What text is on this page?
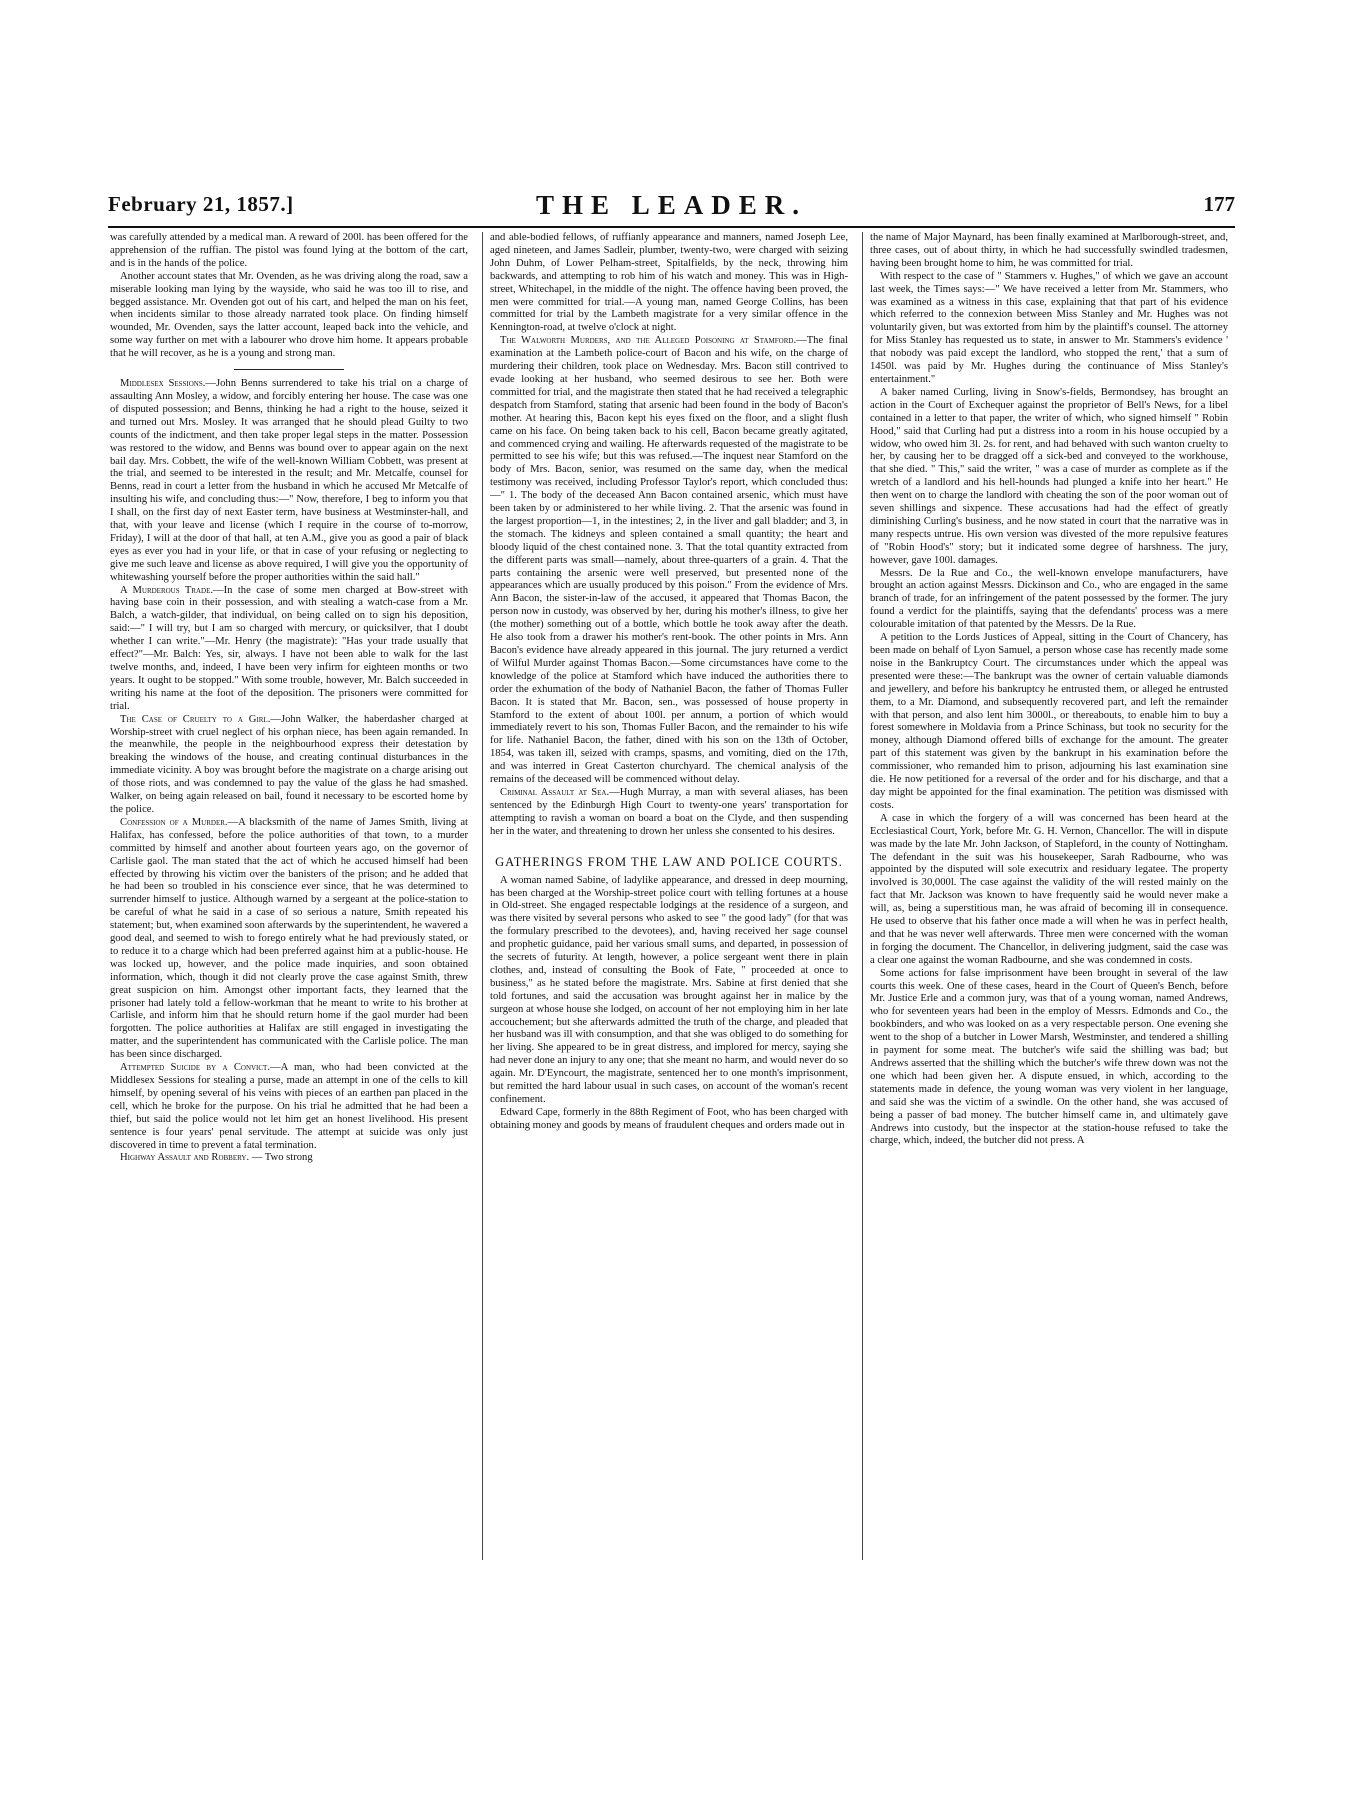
February 21, 1857.]	THE LEADER.	177

was carefully attended by a medical man. A reward of 200l. has been offered for the apprehension of the ruffian. The pistol was found lying at the bottom of the cart, and is in the hands of the police.

Another account states that Mr. Ovenden, as he was driving along the road, saw a miserable looking man lying by the wayside, who said he was too ill to rise, and begged assistance. Mr. Ovenden got out of his cart, and helped the man on his feet, when incidents similar to those already narrated took place. On finding himself wounded, Mr. Ovenden, says the latter account, leaped back into the vehicle, and some way further on met with a labourer who drove him home. It appears probable that he will recover, as he is a young and strong man.

Middlesex Sessions.—John Benns surrendered to take his trial on a charge of assaulting Ann Mosley, a widow, and forcibly entering her house. The case was one of disputed possession; and Benns, thinking he had a right to the house, seized it and turned out Mrs. Mosley. It was arranged that he should plead Guilty to two counts of the indictment, and then take proper legal steps in the matter. Possession was restored to the widow, and Benns was bound over to appear again on the next bail day. Mrs. Cobbett, the wife of the well-known William Cobbett, was present at the trial, and seemed to be interested in the result; and Mr. Metcalfe, counsel for Benns, read in court a letter from the husband in which he accused Mr Metcalfe of insulting his wife, and concluding thus:—" Now, therefore, I beg to inform you that I shall, on the first day of next Easter term, have business at Westminster-hall, and that, with your leave and license (which I require in the course of to-morrow, Friday), I will at the door of that hall, at ten A.M., give you as good a pair of black eyes as ever you had in your life, or that in case of your refusing or neglecting to give me such leave and license as above required, I will give you the opportunity of whitewashing yourself before the proper authorities within the said hall."

A Murderous Trade.—In the case of some men charged at Bow-street with having base coin in their possession, and with stealing a watch-case from a Mr. Balch, a watch-gilder, that individual, on being called on to sign his deposition, said:—" I will try, but I am so charged with mercury, or quicksilver, that I doubt whether I can write."—Mr. Henry (the magistrate): "Has your trade usually that effect?"—Mr. Balch: Yes, sir, always. I have not been able to walk for the last twelve months, and, indeed, I have been very infirm for eighteen months or two years. It ought to be stopped." With some trouble, however, Mr. Balch succeeded in writing his name at the foot of the deposition. The prisoners were committed for trial.

The Case of Cruelty to a Girl.—John Walker, the haberdasher charged at Worship-street with cruel neglect of his orphan niece, has been again remanded. In the meanwhile, the people in the neighbourhood express their detestation by breaking the windows of the house, and creating continual disturbances in the immediate vicinity. A boy was brought before the magistrate on a charge arising out of those riots, and was condemned to pay the value of the glass he had smashed. Walker, on being again released on bail, found it necessary to be escorted home by the police.

Confession of a Murder.—A blacksmith of the name of James Smith, living at Halifax, has confessed, before the police authorities of that town, to a murder committed by himself and another about fourteen years ago, on the governor of Carlisle gaol. The man stated that the act of which he accused himself had been effected by throwing his victim over the banisters of the prison; and he added that he had been so troubled in his conscience ever since, that he was determined to surrender himself to justice. Although warned by a sergeant at the police-station to be careful of what he said in a case of so serious a nature, Smith repeated his statement; but, when examined soon afterwards by the superintendent, he wavered a good deal, and seemed to wish to forego entirely what he had previously stated, or to reduce it to a charge which had been preferred against him at a public-house. He was locked up, however, and the police made inquiries, and soon obtained information, which, though it did not clearly prove the case against Smith, threw great suspicion on him. Amongst other important facts, they learned that the prisoner had lately told a fellow-workman that he meant to write to his brother at Carlisle, and inform him that he should return home if the gaol murder had been forgotten. The police authorities at Halifax are still engaged in investigating the matter, and the superintendent has communicated with the Carlisle police. The man has been since discharged.

Attempted Suicide by a Convict.—A man, who had been convicted at the Middlesex Sessions for stealing a purse, made an attempt in one of the cells to kill himself, by opening several of his veins with pieces of an earthen pan placed in the cell, which he broke for the purpose. On his trial he admitted that he had been a thief, but said the police would not let him get an honest livelihood. His present sentence is four years' penal servitude. The attempt at suicide was only just discovered in time to prevent a fatal termination.

Highway Assault and Robbery. — Two strong

and able-bodied fellows, of ruffianly appearance and manners, named Joseph Lee, aged nineteen, and James Sadleir, plumber, twenty-two, were charged with seizing John Duhm, of Lower Pelham-street, Spitalfields, by the neck, throwing him backwards, and attempting to rob him of his watch and money. This was in High-street, Whitechapel, in the middle of the night. The offence having been proved, the men were committed for trial.—A young man, named George Collins, has been committed for trial by the Lambeth magistrate for a very similar offence in the Kennington-road, at twelve o'clock at night.

The Walworth Murders, and the Alleged Poisoning at Stamford.—The final examination at the Lambeth police-court of Bacon and his wife, on the charge of murdering their children, took place on Wednesday. Mrs. Bacon still contrived to evade looking at her husband, who seemed desirous to see her. Both were committed for trial, and the magistrate then stated that he had received a telegraphic despatch from Stamford, stating that arsenic had been found in the body of Bacon's mother. At hearing this, Bacon kept his eyes fixed on the floor, and a slight flush came on his face. On being taken back to his cell, Bacon became greatly agitated, and commenced crying and wailing. He afterwards requested of the magistrate to be permitted to see his wife; but this was refused.—The inquest near Stamford on the body of Mrs. Bacon, senior, was resumed on the same day, when the medical testimony was received, including Professor Taylor's report, which concluded thus:—" 1. The body of the deceased Ann Bacon contained arsenic, which must have been taken by or administered to her while living. 2. That the arsenic was found in the largest proportion—1, in the intestines; 2, in the liver and gall bladder; and 3, in the stomach. The kidneys and spleen contained a small quantity; the heart and bloody liquid of the chest contained none. 3. That the total quantity extracted from the different parts was small—namely, about three-quarters of a grain. 4. That the parts containing the arsenic were well preserved, but presented none of the appearances which are usually produced by this poison." From the evidence of Mrs. Ann Bacon, the sister-in-law of the accused, it appeared that Thomas Bacon, the person now in custody, was observed by her, during his mother's illness, to give her (the mother) something out of a bottle, which bottle he took away after the death. He also took from a drawer his mother's rent-book. The other points in Mrs. Ann Bacon's evidence have already appeared in this journal. The jury returned a verdict of Wilful Murder against Thomas Bacon.—Some circumstances have come to the knowledge of the police at Stamford which have induced the authorities there to order the exhumation of the body of Nathaniel Bacon, the father of Thomas Fuller Bacon. It is stated that Mr. Bacon, sen., was possessed of house property in Stamford to the extent of about 100l. per annum, a portion of which would immediately revert to his son, Thomas Fuller Bacon, and the remainder to his wife for life. Nathaniel Bacon, the father, dined with his son on the 13th of October, 1854, was taken ill, seized with cramps, spasms, and vomiting, died on the 17th, and was interred in Great Casterton churchyard. The chemical analysis of the remains of the deceased will be commenced without delay.

Criminal Assault at Sea.—Hugh Murray, a man with several aliases, has been sentenced by the Edinburgh High Court to twenty-one years' transportation for attempting to ravish a woman on board a boat on the Clyde, and then suspending her in the water, and threatening to drown her unless she consented to his desires.

GATHERINGS FROM THE LAW AND POLICE COURTS.

A woman named Sabine, of ladylike appearance, and dressed in deep mourning, has been charged at the Worship-street police court with telling fortunes at a house in Old-street. She engaged respectable lodgings at the residence of a surgeon, and was there visited by several persons who asked to see " the good lady" (for that was the formulary prescribed to the devotees), and, having received her sage counsel and prophetic guidance, paid her various small sums, and departed, in possession of the secrets of futurity. At length, however, a police sergeant went there in plain clothes, and, instead of consulting the Book of Fate, " proceeded at once to business," as he stated before the magistrate. Mrs. Sabine at first denied that she told fortunes, and said the accusation was brought against her in malice by the surgeon at whose house she lodged, on account of her not employing him in her late accouchement; but she afterwards admitted the truth of the charge, and pleaded that her husband was ill with consumption, and that she was obliged to do something for her living. She appeared to be in great distress, and implored for mercy, saying she had never done an injury to any one; that she meant no harm, and would never do so again. Mr. D'Eyncourt, the magistrate, sentenced her to one month's imprisonment, but remitted the hard labour usual in such cases, on account of the woman's recent confinement.

Edward Cape, formerly in the 88th Regiment of Foot, who has been charged with obtaining money and goods by means of fraudulent cheques and orders made out in

the name of Major Maynard, has been finally examined at Marlborough-street, and, three cases, out of about thirty, in which he had successfully swindled tradesmen, having been brought home to him, he was committed for trial.

With respect to the case of " Stammers v. Hughes," of which we gave an account last week, the Times says:—" We have received a letter from Mr. Stammers, who was examined as a witness in this case, explaining that that part of his evidence which referred to the connexion between Miss Stanley and Mr. Hughes was not voluntarily given, but was extorted from him by the plaintiff's counsel. The attorney for Miss Stanley has requested us to state, in answer to Mr. Stammers's evidence ' that nobody was paid except the landlord, who stopped the rent,' that a sum of 1450l. was paid by Mr. Hughes during the continuance of Miss Stanley's entertainment."

A baker named Curling, living in Snow's-fields, Bermondsey, has brought an action in the Court of Exchequer against the proprietor of Bell's News, for a libel contained in a letter to that paper, the writer of which, who signed himself " Robin Hood," said that Curling had put a distress into a room in his house occupied by a widow, who owed him 3l. 2s. for rent, and had behaved with such wanton cruelty to her, by causing her to be dragged off a sick-bed and conveyed to the workhouse, that she died. " This," said the writer, " was a case of murder as complete as if the wretch of a landlord and his hell-hounds had plunged a knife into her heart." He then went on to charge the landlord with cheating the son of the poor woman out of seven shillings and sixpence. These accusations had had the effect of greatly diminishing Curling's business, and he now stated in court that the narrative was in many respects untrue. His own version was divested of the more repulsive features of "Robin Hood's" story; but it indicated some degree of harshness. The jury, however, gave 100l. damages.

Messrs. De la Rue and Co., the well-known envelope manufacturers, have brought an action against Messrs. Dickinson and Co., who are engaged in the same branch of trade, for an infringement of the patent possessed by the former. The jury found a verdict for the plaintiffs, saying that the defendants' process was a mere colourable imitation of that patented by the Messrs. De la Rue.

A petition to the Lords Justices of Appeal, sitting in the Court of Chancery, has been made on behalf of Lyon Samuel, a person whose case has recently made some noise in the Bankruptcy Court. The circumstances under which the appeal was presented were these:—The bankrupt was the owner of certain valuable diamonds and jewellery, and before his bankruptcy he entrusted them, or alleged he entrusted them, to a Mr. Diamond, and subsequently recovered part, and left the remainder with that person, and also lent him 3000l., or thereabouts, to enable him to buy a forest somewhere in Moldavia from a Prince Schinass, but took no security for the money, although Diamond offered bills of exchange for the amount. The greater part of this statement was given by the bankrupt in his examination before the commissioner, who remanded him to prison, adjourning his last examination sine die. He now petitioned for a reversal of the order and for his discharge, and that a day might be appointed for the final examination. The petition was dismissed with costs.

A case in which the forgery of a will was concerned has been heard at the Ecclesiastical Court, York, before Mr. G. H. Vernon, Chancellor. The will in dispute was made by the late Mr. John Jackson, of Stapleford, in the county of Nottingham. The defendant in the suit was his housekeeper, Sarah Radbourne, who was appointed by the disputed will sole executrix and residuary legatee. The property involved is 30,000l. The case against the validity of the will rested mainly on the fact that Mr. Jackson was known to have frequently said he would never make a will, as, being a superstitious man, he was afraid of becoming ill in consequence. He used to observe that his father once made a will when he was in perfect health, and that he was never well afterwards. Three men were concerned with the woman in forging the document. The Chancellor, in delivering judgment, said the case was a clear one against the woman Radbourne, and she was condemned in costs.

Some actions for false imprisonment have been brought in several of the law courts this week. One of these cases, heard in the Court of Queen's Bench, before Mr. Justice Erle and a common jury, was that of a young woman, named Andrews, who for seventeen years had been in the employ of Messrs. Edmonds and Co., the bookbinders, and who was looked on as a very respectable person. One evening she went to the shop of a butcher in Lower Marsh, Westminster, and tendered a shilling in payment for some meat. The butcher's wife said the shilling was bad; but Andrews asserted that the shilling which the butcher's wife threw down was not the one which had been given her. A dispute ensued, in which, according to the statements made in defence, the young woman was very violent in her language, and said she was the victim of a swindle. On the other hand, she was accused of being a passer of bad money. The butcher himself came in, and ultimately gave Andrews into custody, but the inspector at the station-house refused to take the charge, which, indeed, the butcher did not press. A
